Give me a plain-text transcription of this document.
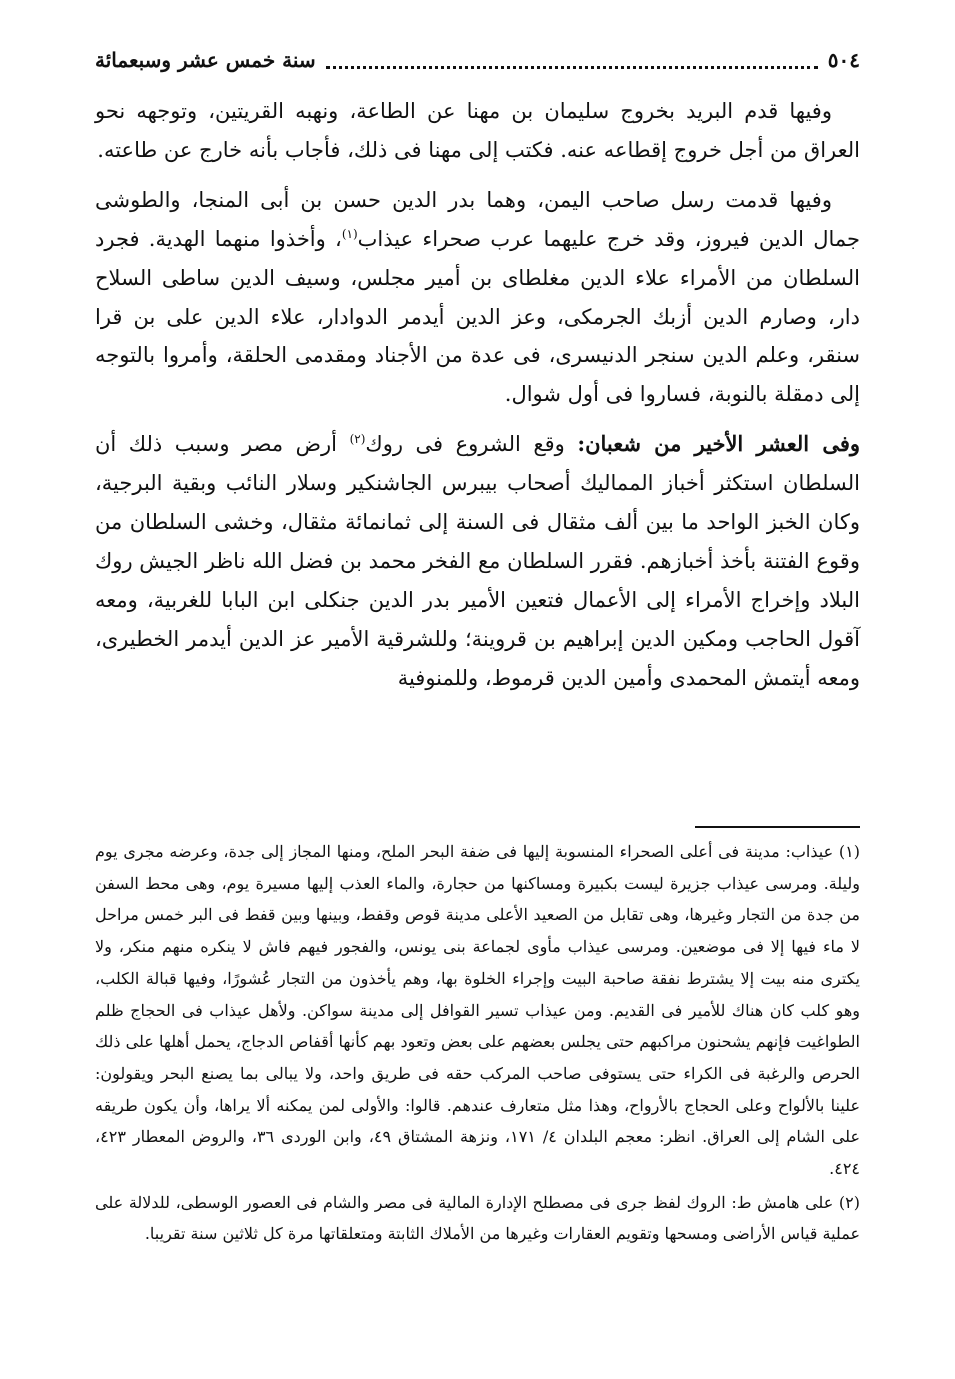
٥٠٤
سنة خمس عشر وسبعمائة

وفيها قدم البريد بخروج سليمان بن مهنا عن الطاعة، ونهبه القريتين، وتوجهه نحو العراق من أجل خروج إقطاعه عنه. فكتب إلى مهنا فى ذلك، فأجاب بأنه خارج عن طاعته.

وفيها قدمت رسل صاحب اليمن، وهما بدر الدين حسن بن أبى المنجا، والطوشى جمال الدين فيروز، وقد خرج عليهما عرب صحراء عيذاب$^{(١)}$، وأخذوا منهما الهدية. فجرد السلطان من الأمراء علاء الدين مغلطاى بن أمير مجلس، وسيف الدين ساطى السلاح دار، وصارم الدين أزبك الجرمكى، وعز الدين أيدمر الدوادار، علاء الدين على بن قرا سنقر، وعلم الدين سنجر الدنيسرى، فى عدة من الأجناد ومقدمى الحلقة، وأمروا بالتوجه إلى دمقلة بالنوبة، فساروا فى أول شوال.

وفى العشر الأخير من شعبان: وقع الشروع فى روك$^{(٢)}$ أرض مصر وسبب ذلك أن السلطان استكثر أخباز المماليك أصحاب بيبرس الجاشنكير وسلار النائب وبقية البرجية، وكان الخبز الواحد ما بين ألف مثقال فى السنة إلى ثمانمائة مثقال، وخشى السلطان من وقوع الفتنة بأخذ أخبازهم. فقرر السلطان مع الفخر محمد بن فضل الله ناظر الجيش روك البلاد وإخراج الأمراء إلى الأعمال فتعين الأمير بدر الدين جنكلى ابن البابا للغربية، ومعه آقول الحاجب ومكين الدين إبراهيم بن قروينة؛ وللشرقية الأمير عز الدين أيدمر الخطيرى، ومعه أيتمش المحمدى وأمين الدين قرموط، وللمنوفية

(١) عيذاب: مدينة فى أعلى الصحراء المنسوبة إليها فى ضفة البحر الملح، ومنها المجاز إلى جدة، وعرضه مجرى يوم وليلة. ومرسى عيذاب جزيرة ليست بكبيرة ومساكنها من حجارة، والماء العذب إليها مسيرة يوم، وهى محط السفن من جدة من التجار وغيرها، وهى تقابل من الصعيد الأعلى مدينة قوص وقفط، وبينها وبين قفط فى البر خمس مراحل لا ماء فيها إلا فى موضعين. ومرسى عيذاب مأوى لجماعة بنى يونس، والفجور فيهم فاش لا ينكره منهم منكر، ولا يكترى منه بيت إلا يشترط نفقة صاحبة البيت وإجراء الخلوة بها، وهم يأخذون من التجار عُشورًا، وفيها قبالة الكلب، وهو كلب كان هناك للأمير فى القديم. ومن عيذاب تسير القوافل إلى مدينة سواكن. ولأهل عيذاب فى الحجاج ظلم الطواغيت فإنهم يشحنون مراكبهم حتى يجلس بعضهم على بعض وتعود بهم كأنها أقفاص الدجاج، يحمل أهلها على ذلك الحرص والرغبة فى الكراء حتى يستوفى صاحب المركب حقه فى طريق واحد، ولا يبالى بما يصنع البحر ويقولون: علينا بالألواح وعلى الحجاج بالأرواح، وهذا مثل متعارف عندهم. قالوا: والأولى لمن يمكنه ألا يراها، وأن يكون طريقه على الشام إلى العراق. انظر: معجم البلدان ٤/ ١٧١، ونزهة المشتاق ٤٩، وابن الوردى ٣٦، والروض المعطار ٤٢٣، ٤٢٤.

(٢) على هامش ط: الروك لفظ جرى فى مصطلح الإدارة المالية فى مصر والشام فى العصور الوسطى، للدلالة على عملية قياس الأراضى ومسحها وتقويم العقارات وغيرها من الأملاك الثابتة ومتعلقاتها مرة كل ثلاثين سنة تقريبا.
